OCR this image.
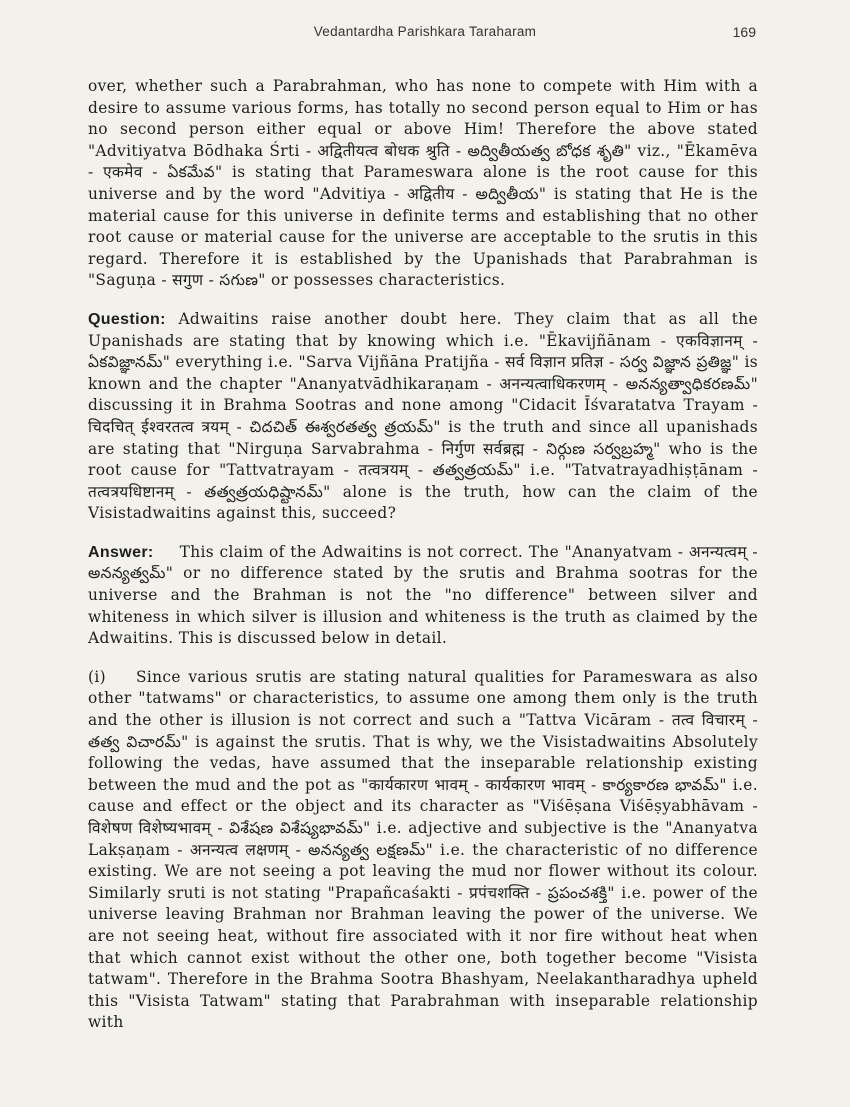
Vedantardha Parishkara Taraharam	169

over, whether such a Parabrahman, who has none to compete with Him with a desire to assume various forms, has totally no second person equal to Him or has no second person either equal or above Him! Therefore the above stated "Advitiyatva Bōdhaka Śrti - अद्वितीयत्व बोधक श्रुति - అద్వితీయత్వ బోధక శృతి" viz., "Ēkamēva - एकमेव - ఏకమేవ" is stating that Parameswara alone is the root cause for this universe and by the word "Advitiya - अद्वितीय - అద్వితీయ" is stating that He is the material cause for this universe in definite terms and establishing that no other root cause or material cause for the universe are acceptable to the srutis in this regard. Therefore it is established by the Upanishads that Parabrahman is "Saguṇa - सगुण - సగుణ" or possesses characteristics.

Question: Adwaitins raise another doubt here. They claim that as all the Upanishads are stating that by knowing which i.e. "Ēkavijñānam - एकविज्ञानम् - ఏకవిజ్ఞానమ్" everything i.e. "Sarva Vijñāna Pratijña - सर्व विज्ञान प्रतिज्ञ - సర్వ విజ్ఞాన ప్రతిజ్ఞ" is known and the chapter "Ananyatvādhikaraṇam - अनन्यत्वाधिकरणम् - అనన్యత్వాధికరణమ్" discussing it in Brahma Sootras and none among "Cidacit Īśvaratatva Trayam - चिदचित् ईश्वरतत्व त्रयम् - చిదచిత్ ఈశ్వరతత్వ త్రయమ్" is the truth and since all upanishads are stating that "Nirguṇa Sarvabrahma - निर्गुण सर्वब्रह्म - నిర్గుణ సర్వబ్రహ్మ" who is the root cause for "Tattvatrayam - तत्वत्रयम् - తత్వత్రయమ్" i.e. "Tatvatrayadhiṣṭānam - तत्वत्रयधिष्टानम् - తత్వత్రయధిష్టానమ్" alone is the truth, how can the claim of the Visistadwaitins against this, succeed?

Answer: This claim of the Adwaitins is not correct. The "Ananyatvam - अनन्यत्वम् - అనన్యత్వమ్" or no difference stated by the srutis and Brahma sootras for the universe and the Brahman is not the "no difference" between silver and whiteness in which silver is illusion and whiteness is the truth as claimed by the Adwaitins. This is discussed below in detail.

(i) Since various srutis are stating natural qualities for Parameswara as also other "tatwams" or characteristics, to assume one among them only is the truth and the other is illusion is not correct and such a "Tattva Vicāram - तत्व विचारम् - తత్వ విచారమ్" is against the srutis. That is why, we the Visistadwaitins Absolutely following the vedas, have assumed that the inseparable relationship existing between the mud and the pot as "कार्यकारण भावम् - कार्यकारण भावम् - కార్యకారణ భావమ్" i.e. cause and effect or the object and its character as "Viśēṣana Viśēṣyabhāvam - विशेषण विशेष्यभावम् - విశేషణ విశేష్యభావమ్" i.e. adjective and subjective is the "Ananyatva Lakṣaṇam - अनन्यत्व लक्षणम् - అనన్యత్వ లక్షణమ్" i.e. the characteristic of no difference existing. We are not seeing a pot leaving the mud nor flower without its colour. Similarly sruti is not stating "Prapañcaśakti - प्रपंचशक्ति - ప్రపంచశక్తి" i.e. power of the universe leaving Brahman nor Brahman leaving the power of the universe. We are not seeing heat, without fire associated with it nor fire without heat when that which cannot exist without the other one, both together become "Visista tatwam". Therefore in the Brahma Sootra Bhashyam, Neelakantharadhya upheld this "Visista Tatwam" stating that Parabrahman with inseparable relationship with
